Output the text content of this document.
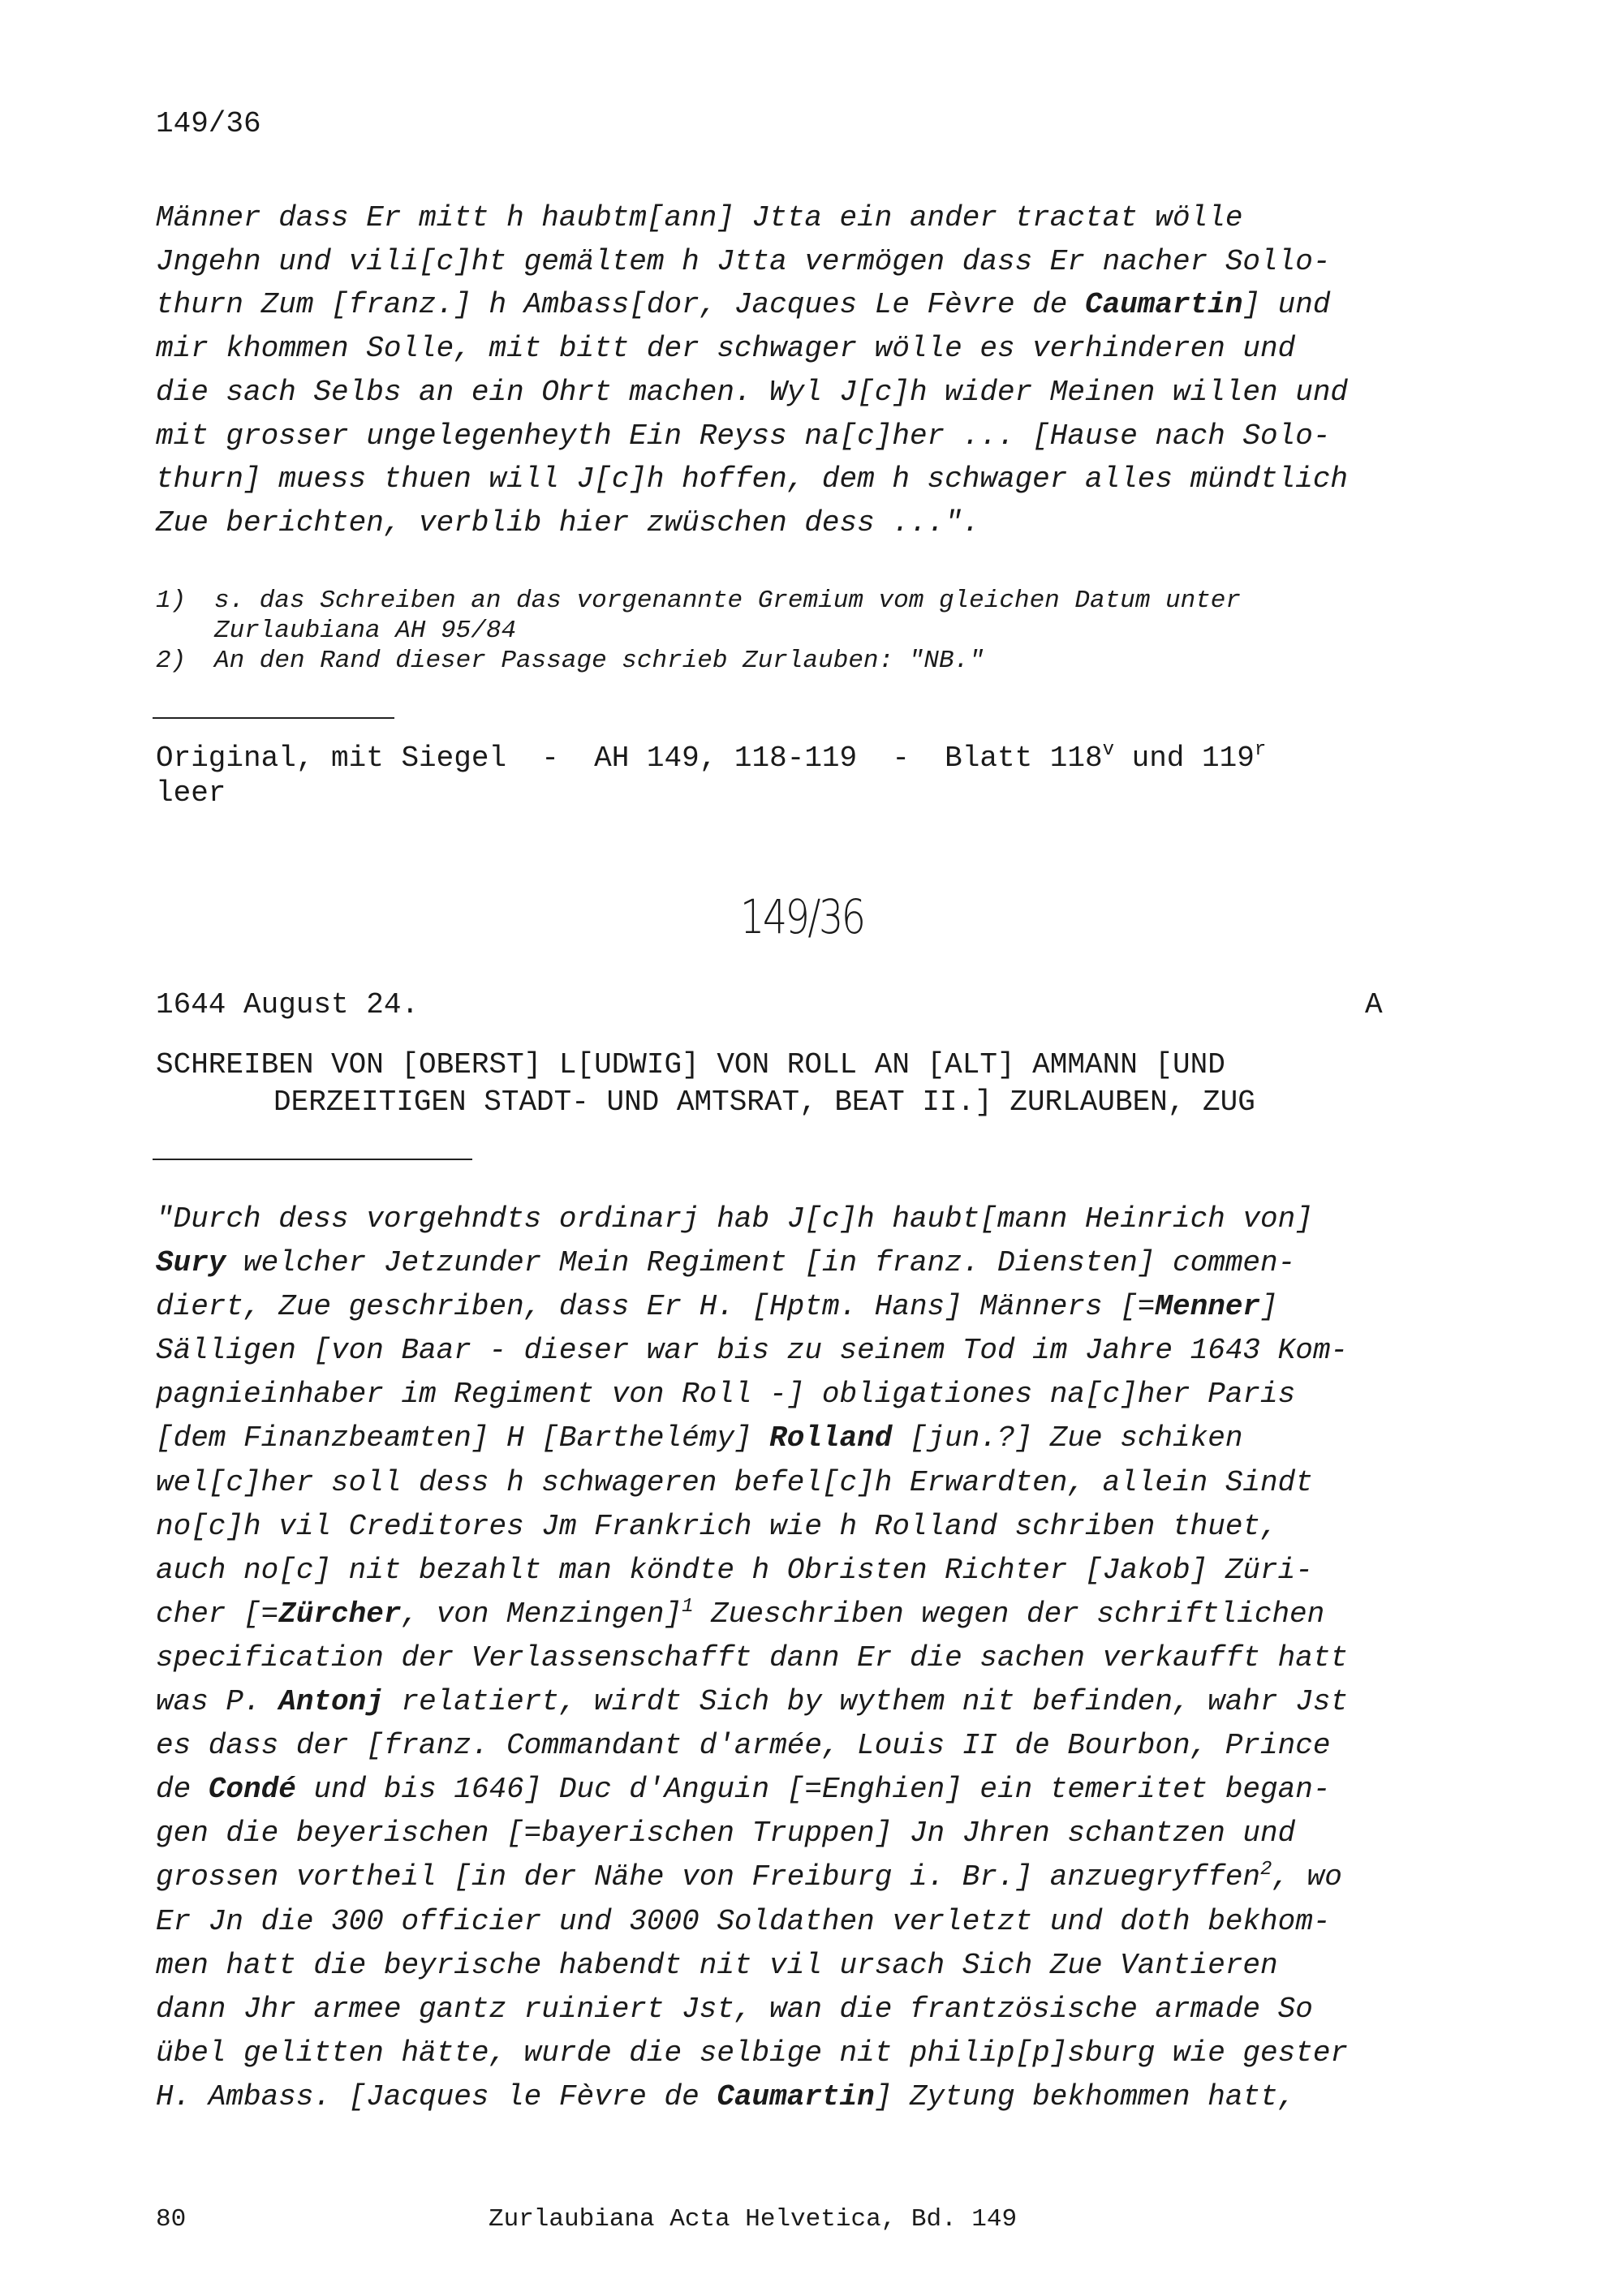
149/36
Männer dass Er mitt h haubtm[ann] Jtta ein ander tractat wölle
Jngehn und vili[c]ht gemältem h Jtta vermögen dass Er nacher Sollo-
thurn Zum [franz.] h Ambass[dor, Jacques Le Fèvre de Caumartin] und
mir khommen Solle, mit bitt der schwager wölle es verhinderen und
die sach Selbs an ein Ohrt machen. Wyl J[c]h wider Meinen willen und
mit grosser ungelegenheyth Ein Reyss na[c]her ... [Hause nach Solo-
thurn] muess thuen will J[c]h hoffen, dem h schwager alles mündtlich
Zue berichten, verblib hier zwüschen dess ...".
1)	s. das Schreiben an das vorgenannte Gremium vom gleichen Datum unter
Zurlaubiana AH 95/84
2)	An den Rand dieser Passage schrieb Zurlauben: "NB."
Original, mit Siegel  -  AH 149, 118-119  -  Blatt 118$^v$ und 119$^r$
leer
149/36
1644 August 24.	A
SCHREIBEN VON [OBERST] L[UDWIG] VON ROLL AN [ALT] AMMANN [UND
DERZEITIGEN STADT- UND AMTSRAT, BEAT II.] ZURLAUBEN, ZUG
"Durch dess vorgehndts ordinarj hab J[c]h haubt[mann Heinrich von]
Sury welcher Jetzunder Mein Regiment [in franz. Diensten] commen-
diert, Zue geschriben, dass Er H. [Hptm. Hans] Männers [=Menner]
Sälligen [von Baar - dieser war bis zu seinem Tod im Jahre 1643 Kom-
pagnieinhaber im Regiment von Roll -] obligationes na[c]her Paris
[dem Finanzbeamten] H [Barthelémy] Rolland [jun.?] Zue schiken
wel[c]her soll dess h schwageren befel[c]h Erwardten, allein Sindt
no[c]h vil Creditores Jm Frankrich wie h Rolland schriben thuet,
auch no[c] nit bezahlt man köndte h Obristen Richter [Jakob] Züri-
cher [=Zürcher, von Menzingen]$^1$ Zueschriben wegen der schriftlichen
specification der Verlassenschafft dann Er die sachen verkaufft hatt
was P. Antonj relatiert, wirdt Sich by wythem nit befinden, wahr Jst
es dass der [franz. Commandant d'armée, Louis II de Bourbon, Prince
de Condé und bis 1646] Duc d'Anguin [=Enghien] ein temeritet began-
gen die beyerischen [=bayerischen Truppen] Jn Jhren schantzen und
grossen vortheil [in der Nähe von Freiburg i. Br.] anzuegryffen$^2$, wo
Er Jn die 300 officier und 3000 Soldathen verletzt und doth bekhom-
men hatt die beyrische habendt nit vil ursach Sich Zue Vantieren
dann Jhr armee gantz ruiniert Jst, wan die frantzösische armade So
übel gelitten hätte, wurde die selbige nit philip[p]sburg wie gester
H. Ambass. [Jacques le Fèvre de Caumartin] Zytung bekhommen hatt,
80	Zurlaubiana Acta Helvetica, Bd. 149
